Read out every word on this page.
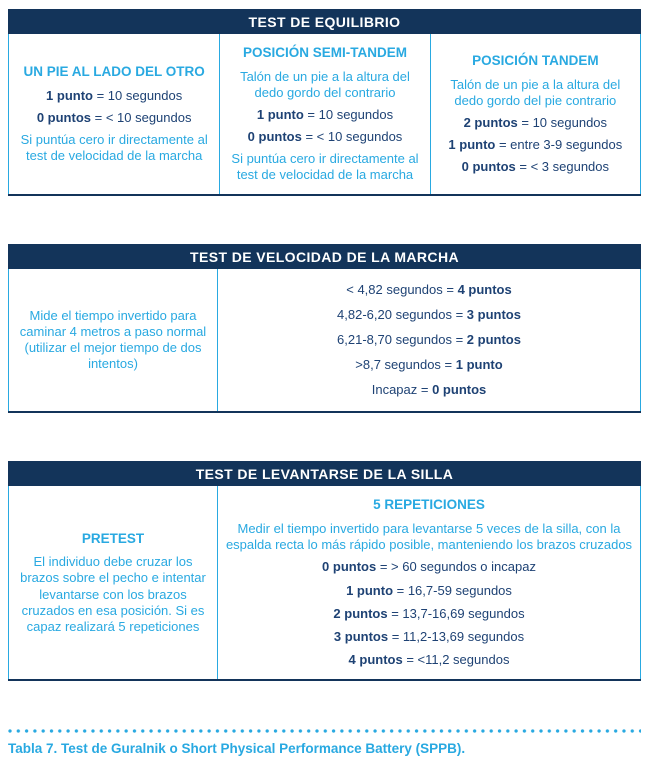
TEST DE EQUILIBRIO

UN PIE AL LADO DEL OTRO

1 punto = 10 segundos

0 puntos = < 10 segundos

Si puntúa cero ir directamente al test de velocidad de la marcha

POSICIÓN SEMI-TANDEM

Talón de un pie a la altura del dedo gordo del contrario

1 punto = 10 segundos

0 puntos = < 10 segundos

Si puntúa cero ir directamente al test de velocidad de la marcha

POSICIÓN TANDEM

Talón de un pie a la altura del dedo gordo del pie contrario

2 puntos = 10 segundos

1 punto = entre 3-9 segundos

0 puntos = < 3 segundos

TEST DE VELOCIDAD DE LA MARCHA

Mide el tiempo invertido para caminar 4 metros a paso normal (utilizar el mejor tiempo de dos intentos)

< 4,82 segundos = 4 puntos

4,82-6,20 segundos = 3 puntos

6,21-8,70 segundos = 2 puntos

>8,7 segundos = 1 punto

Incapaz = 0 puntos

TEST DE LEVANTARSE DE LA SILLA

PRETEST

El individuo debe cruzar los brazos sobre el pecho e intentar levantarse con los brazos cruzados en esa posición. Si es capaz realizará 5 repeticiones

5 REPETICIONES

Medir el tiempo invertido para levantarse 5 veces de la silla, con la espalda recta lo más rápido posible, manteniendo los brazos cruzados

0 puntos = > 60 segundos o incapaz

1 punto = 16,7-59 segundos

2 puntos = 13,7-16,69 segundos

3 puntos = 11,2-13,69 segundos

4 puntos = <11,2 segundos

Tabla 7. Test de Guralnik o Short Physical Performance Battery (SPPB).
